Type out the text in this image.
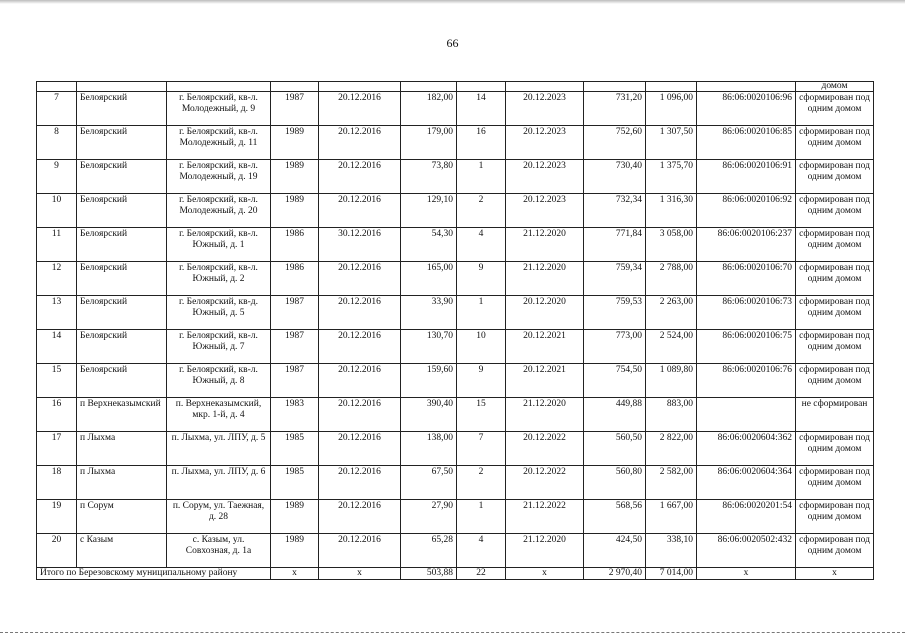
66
											домом
7	Белоярский	г. Белоярский, кв-л. Молодежный, д. 9	1987	20.12.2016	182,00	14	20.12.2023	731,20	1 096,00	86:06:0020106:96	сформирован под одним домом
8	Белоярский	г. Белоярский, кв-л. Молодежный, д. 11	1989	20.12.2016	179,00	16	20.12.2023	752,60	1 307,50	86:06:0020106:85	сформирован под одним домом
9	Белоярский	г. Белоярский, кв-л. Молодежный, д. 19	1989	20.12.2016	73,80	1	20.12.2023	730,40	1 375,70	86:06:0020106:91	сформирован под одним домом
10	Белоярский	г. Белоярский, кв-л. Молодежный, д. 20	1989	20.12.2016	129,10	2	20.12.2023	732,34	1 316,30	86:06:0020106:92	сформирован под одним домом
11	Белоярский	г. Белоярский, кв-л. Южный, д. 1	1986	30.12.2016	54,30	4	21.12.2020	771,84	3 058,00	86:06:0020106:237	сформирован под одним домом
12	Белоярский	г. Белоярский, кв-л. Южный, д. 2	1986	20.12.2016	165,00	9	21.12.2020	759,34	2 788,00	86:06:0020106:70	сформирован под одним домом
13	Белоярский	г. Белоярский, кв-д. Южный, д. 5	1987	20.12.2016	33,90	1	20.12.2020	759,53	2 263,00	86:06:0020106:73	сформирован под одним домом
14	Белоярский	г. Белоярский, кв-л. Южный, д. 7	1987	20.12.2016	130,70	10	20.12.2021	773,00	2 524,00	86:06:0020106:75	сформирован под одним домом
15	Белоярский	г. Белоярский, кв-л. Южный, д. 8	1987	20.12.2016	159,60	9	20.12.2021	754,50	1 089,80	86:06:0020106:76	сформирован под одним домом
16	п Верхнеказымский	п. Верхнеказымский, мкр. 1-й, д. 4	1983	20.12.2016	390,40	15	21.12.2020	449,88	883,00		не сформирован
17	п Лыхма	п. Лыхма, ул. ЛПУ, д. 5	1985	20.12.2016	138,00	7	20.12.2022	560,50	2 822,00	86:06:0020604:362	сформирован под одним домом
18	п Лыхма	п. Лыхма, ул. ЛПУ, д. 6	1985	20.12.2016	67,50	2	20.12.2022	560,80	2 582,00	86:06:0020604:364	сформирован под одним домом
19	п Сорум	п. Сорум, ул. Таежная, д. 28	1989	20.12.2016	27,90	1	21.12.2022	568,56	1 667,00	86:06:0020201:54	сформирован под одним домом
20	с Казым	с. Казым, ул. Совхозная, д. 1а	1989	20.12.2016	65,28	4	21.12.2020	424,50	338,10	86:06:0020502:432	сформирован под одним домом
Итого по Березовскому муниципальному району			x	x	503,88	22	x	2 970,40	7 014,00	x	x
